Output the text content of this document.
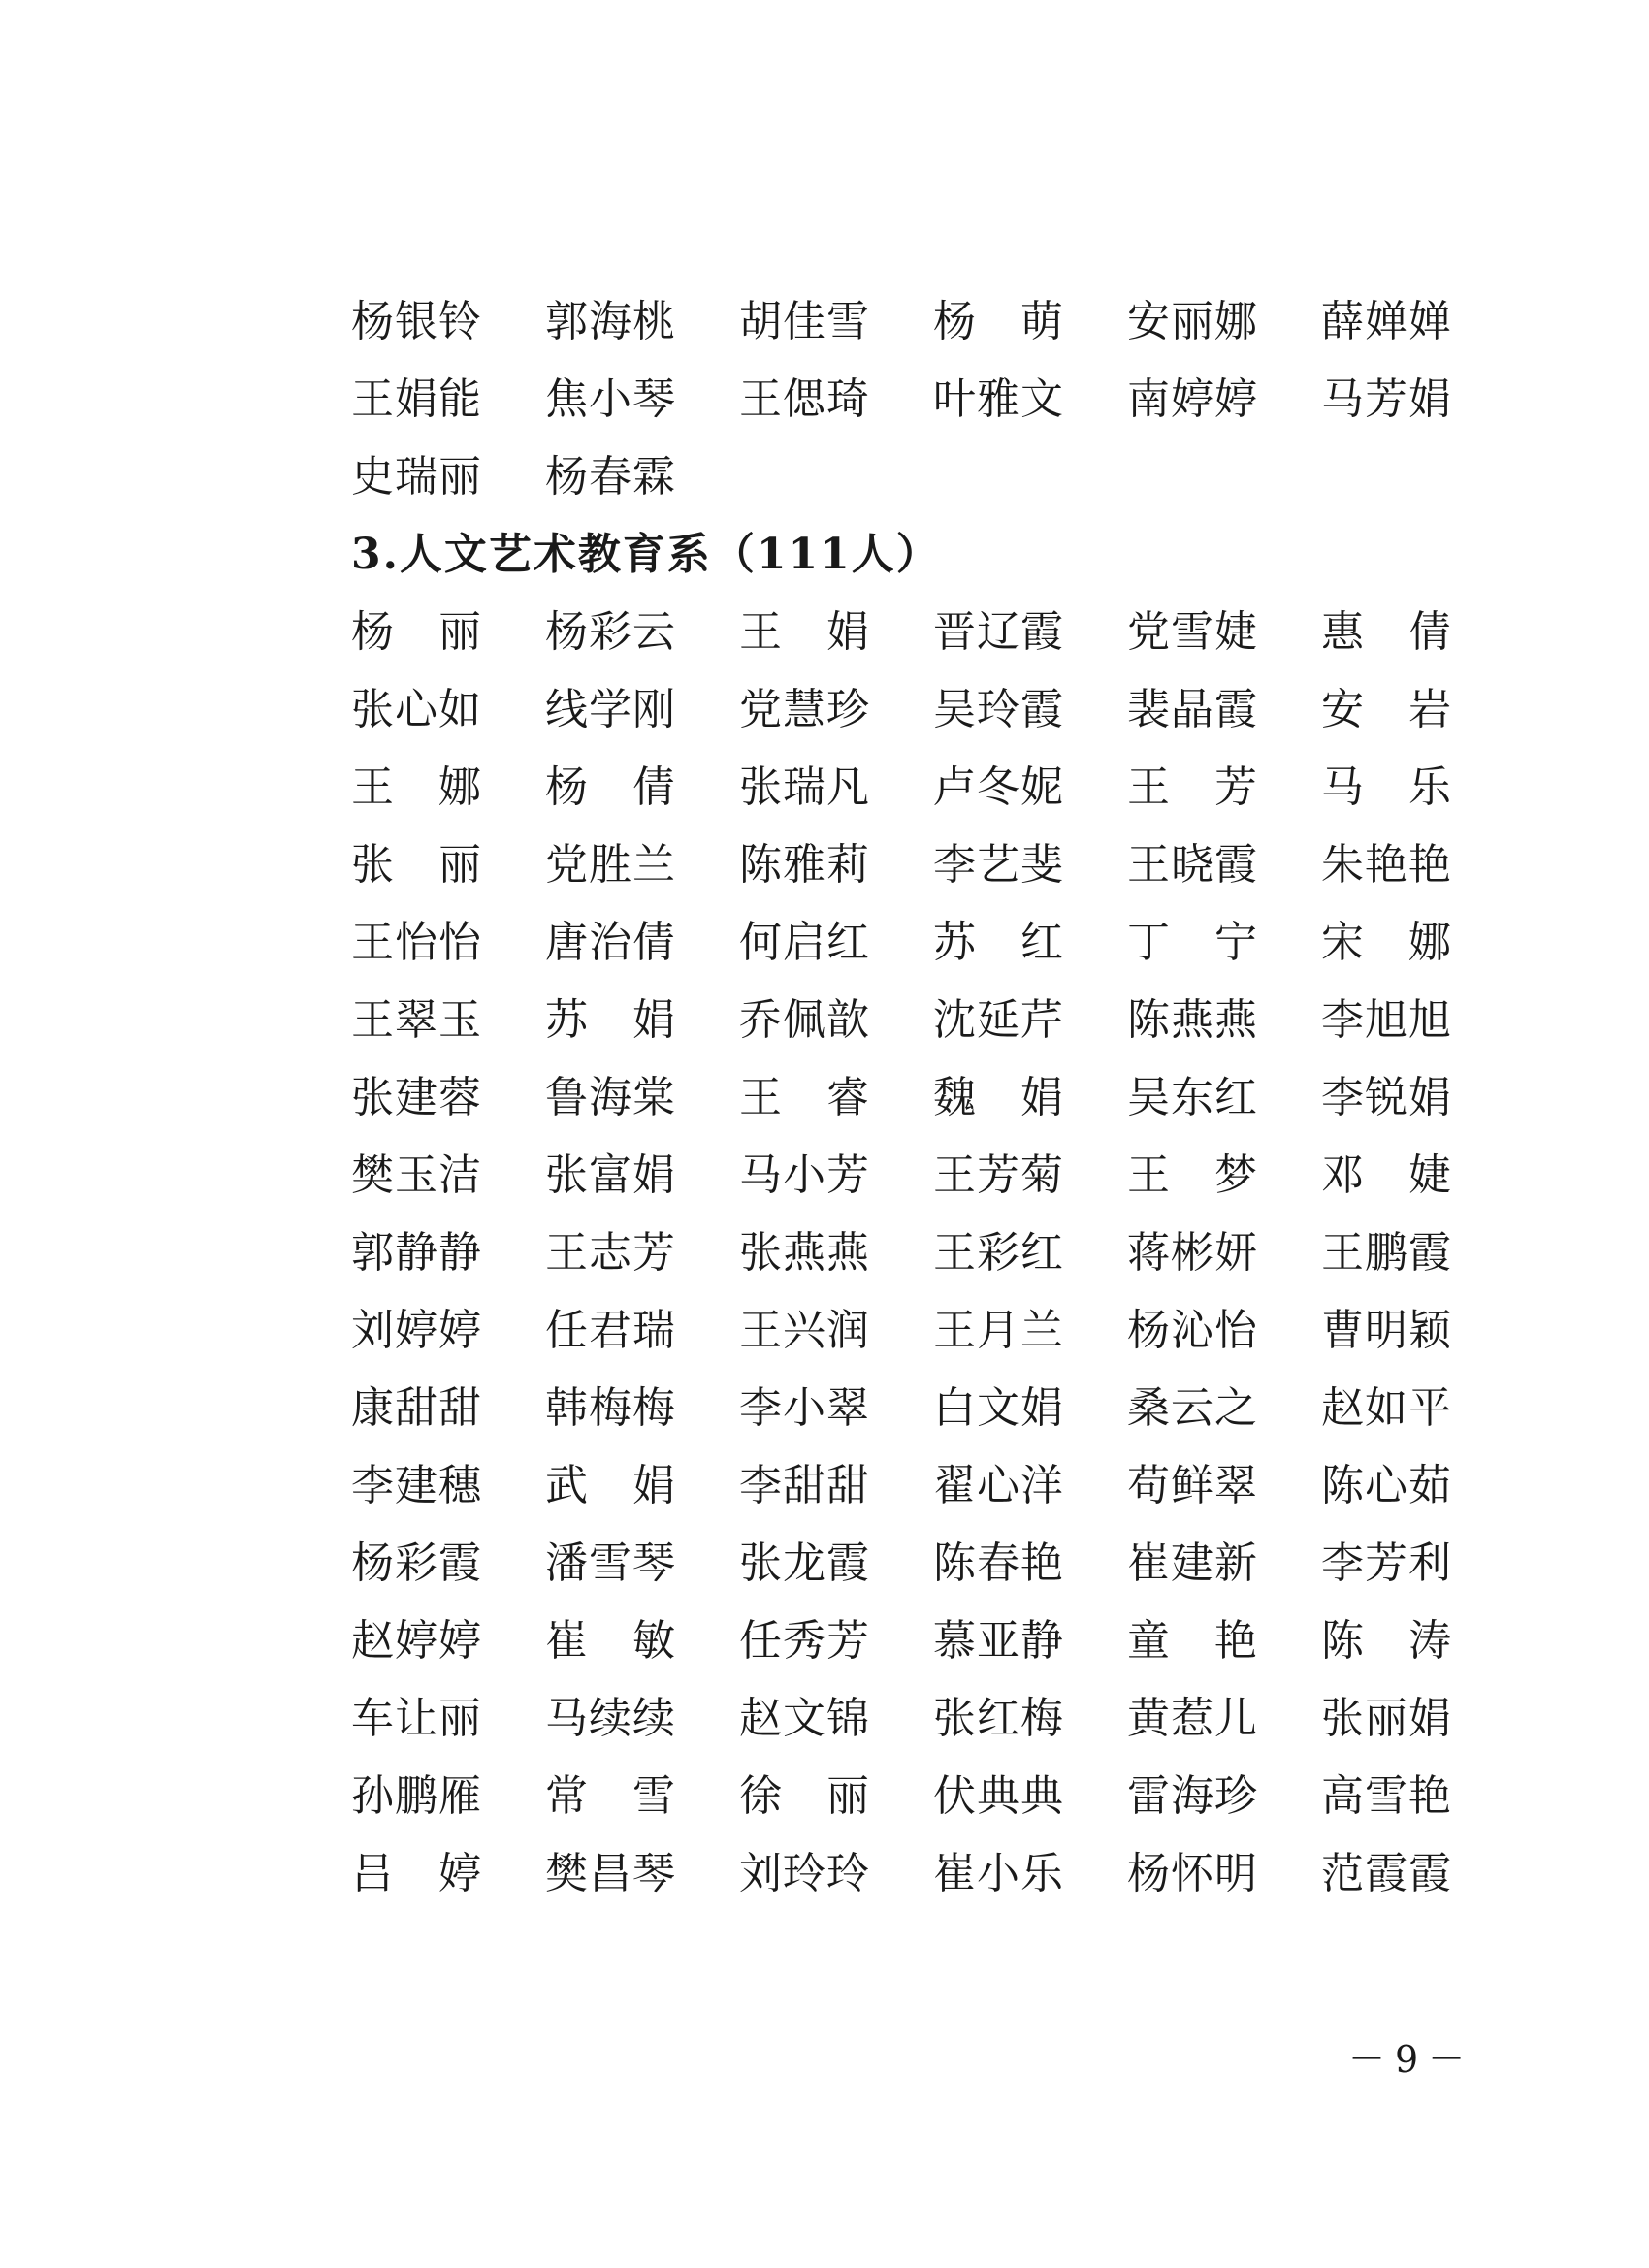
杨银铃	郭海桃	胡佳雪	杨　萌	安丽娜	薛婵婵
王娟能	焦小琴	王偲琦	叶雅文	南婷婷	马芳娟
史瑞丽	杨春霖
3.人文艺术教育系（111人）
杨　丽	杨彩云	王　娟	晋辽霞	党雪婕	惠　倩
张心如	线学刚	党慧珍	吴玲霞	裴晶霞	安　岩
王　娜	杨　倩	张瑞凡	卢冬妮	王　芳	马　乐
张　丽	党胜兰	陈雅莉	李艺斐	王晓霞	朱艳艳
王怡怡	唐治倩	何启红	苏　红	丁　宁	宋　娜
王翠玉	苏　娟	乔佩歆	沈延芹	陈燕燕	李旭旭
张建蓉	鲁海棠	王　睿	魏　娟	吴东红	李锐娟
樊玉洁	张富娟	马小芳	王芳菊	王　梦	邓　婕
郭静静	王志芳	张燕燕	王彩红	蒋彬妍	王鹏霞
刘婷婷	任君瑞	王兴润	王月兰	杨沁怡	曹明颖
康甜甜	韩梅梅	李小翠	白文娟	桑云之	赵如平
李建穗	武　娟	李甜甜	翟心洋	苟鲜翠	陈心茹
杨彩霞	潘雪琴	张龙霞	陈春艳	崔建新	李芳利
赵婷婷	崔　敏	任秀芳	慕亚静	童　艳	陈　涛
车让丽	马续续	赵文锦	张红梅	黄惹儿	张丽娟
孙鹏雁	常　雪	徐　丽	伏典典	雷海珍	高雪艳
吕　婷	樊昌琴	刘玲玲	崔小乐	杨怀明	范霞霞
－9－
